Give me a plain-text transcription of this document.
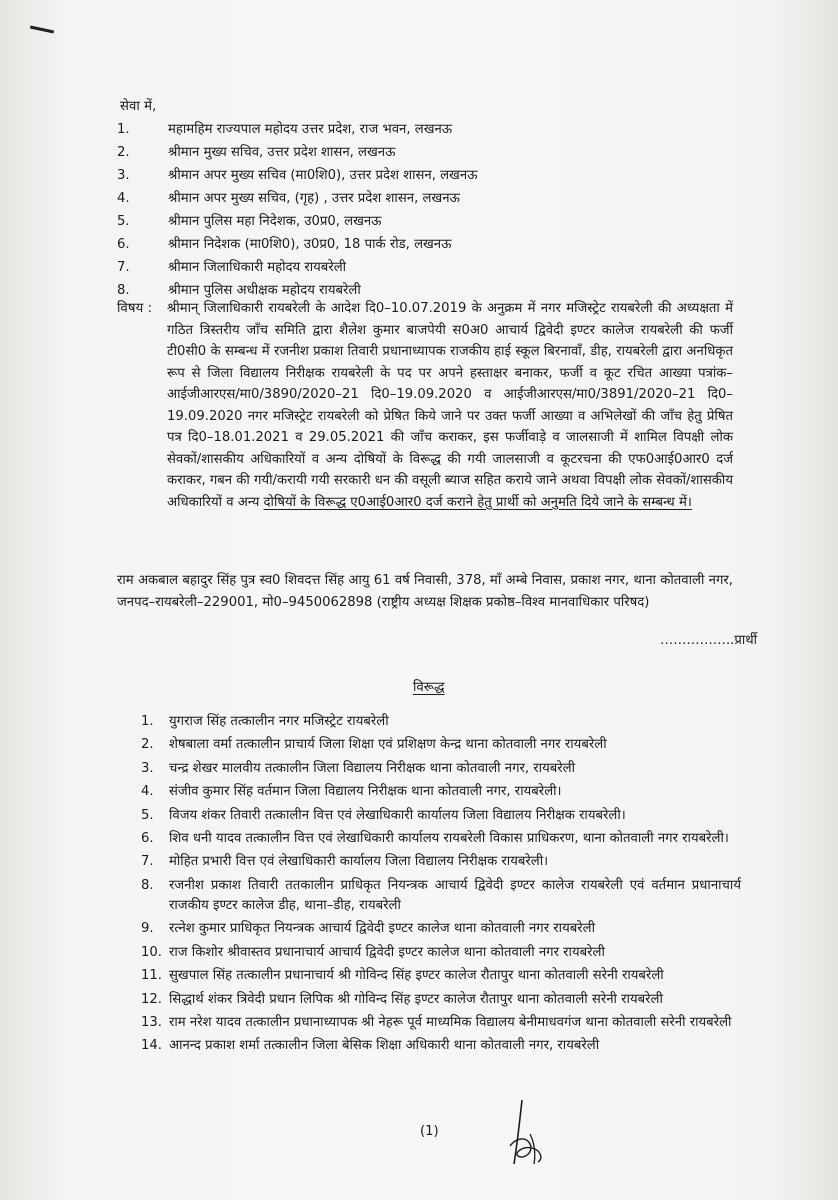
सेवा में,
1.	महामहिम राज्यपाल महोदय उत्तर प्रदेश, राज भवन, लखनऊ
2.	श्रीमान मुख्य सचिव, उत्तर प्रदेश शासन, लखनऊ
3.	श्रीमान अपर मुख्य सचिव (मा0शि0), उत्तर प्रदेश शासन, लखनऊ
4.	श्रीमान अपर मुख्य सचिव, (गृह) , उत्तर प्रदेश शासन, लखनऊ
5.	श्रीमान पुलिस महा निदेशक, उ0प्र0, लखनऊ
6.	श्रीमान निदेशक (मा0शि0), उ0प्र0, 18 पार्क रोड, लखनऊ
7.	श्रीमान जिलाधिकारी महोदय रायबरेली
8.	श्रीमान पुलिस अधीक्षक महोदय रायबरेली
विषय : श्रीमान् जिलाधिकारी रायबरेली के आदेश दि0–10.07.2019 के अनुक्रम में नगर मजिस्ट्रेट रायबरेली की अध्यक्षता में गठित त्रिस्तरीय जाँच समिति द्वारा शैलेश कुमार बाजपेयी स0अ0 आचार्य द्विवेदी इण्टर कालेज रायबरेली की फर्जी टी0सी0 के सम्बन्ध में रजनीश प्रकाश तिवारी प्रधानाध्यापक राजकीय हाई स्कूल बिरनावाँ, डीह, रायबरेली द्वारा अनधिकृत रूप से जिला विद्यालय निरीक्षक रायबरेली के पद पर अपने हस्ताक्षर बनाकर, फर्जी व कूट रचित आख्या पत्रांक–आईजीआरएस/मा0/3890/2020–21 दि0–19.09.2020 व आईजीआरएस/मा0/3891/2020–21 दि0–19.09.2020 नगर मजिस्ट्रेट रायबरेली को प्रेषित किये जाने पर उक्त फर्जी आख्या व अभिलेखों की जाँच हेतु प्रेषित पत्र दि0–18.01.2021 व 29.05.2021 की जाँच कराकर, इस फर्जीवाड़े व जालसाजी में शामिल विपक्षी लोक सेवकों/शासकीय अधिकारियों व अन्य दोषियों के विरूद्ध की गयी जालसाजी व कूटरचना की एफ0आई0आर0 दर्ज कराकर, गबन की गयी/करायी गयी सरकारी धन की वसूली ब्याज सहित कराये जाने अथवा विपक्षी लोक सेवकों/शासकीय अधिकारियों व अन्य दोषियों के विरूद्ध ए0आई0आर0 दर्ज कराने हेतु प्रार्थी को अनुमति दिये जाने के सम्बन्ध में।
राम अकबाल बहादुर सिंह पुत्र स्व0 शिवदत्त सिंह आयु 61 वर्ष निवासी, 378, माँ अम्बे निवास, प्रकाश नगर, थाना कोतवाली नगर, जनपद–रायबरेली–229001, मो0–9450062898 (राष्ट्रीय अध्यक्ष शिक्षक प्रकोष्ठ–विश्व मानवाधिकार परिषद)
……………..प्रार्थी
विरूद्ध
1.	युगराज सिंह तत्कालीन नगर मजिस्ट्रेट रायबरेली
2.	शेषबाला वर्मा तत्कालीन प्राचार्य जिला शिक्षा एवं प्रशिक्षण केन्द्र थाना कोतवाली नगर रायबरेली
3.	चन्द्र शेखर मालवीय तत्कालीन जिला विद्यालय निरीक्षक थाना कोतवाली नगर, रायबरेली
4.	संजीव कुमार सिंह वर्तमान जिला विद्यालय निरीक्षक थाना कोतवाली नगर, रायबरेली।
5.	विजय शंकर तिवारी तत्कालीन वित्त एवं लेखाधिकारी कार्यालय जिला विद्यालय निरीक्षक रायबरेली।
6.	शिव धनी यादव तत्कालीन वित्त एवं लेखाधिकारी कार्यालय रायबरेली विकास प्राधिकरण, थाना कोतवाली नगर रायबरेली।
7.	मोहित प्रभारी वित्त एवं लेखाधिकारी कार्यालय जिला विद्यालय निरीक्षक रायबरेली।
8.	रजनीश प्रकाश तिवारी ततकालीन प्राधिकृत नियन्त्रक आचार्य द्विवेदी इण्टर कालेज रायबरेली एवं वर्तमान प्रधानाचार्य राजकीय इण्टर कालेज डीह, थाना–डीह, रायबरेली
9.	रत्नेश कुमार प्राधिकृत नियन्त्रक आचार्य द्विवेदी इण्टर कालेज थाना कोतवाली नगर रायबरेली
10. राज किशोर श्रीवास्तव प्रधानाचार्य आचार्य द्विवेदी इण्टर कालेज थाना कोतवाली नगर रायबरेली
11. सुखपाल सिंह तत्कालीन प्रधानाचार्य श्री गोविन्द सिंह इण्टर कालेज रौतापुर थाना कोतवाली सरेनी रायबरेली
12. सिद्धार्थ शंकर त्रिवेदी प्रधान लिपिक श्री गोविन्द सिंह इण्टर कालेज रौतापुर थाना कोतवाली सरेनी रायबरेली
13. राम नरेश यादव तत्कालीन प्रधानाध्यापक श्री नेहरू पूर्व माध्यमिक विद्यालय बेनीमाधवगंज थाना कोतवाली सरेनी रायबरेली
14. आनन्द प्रकाश शर्मा तत्कालीन जिला बेसिक शिक्षा अधिकारी थाना कोतवाली नगर, रायबरेली
(1)
